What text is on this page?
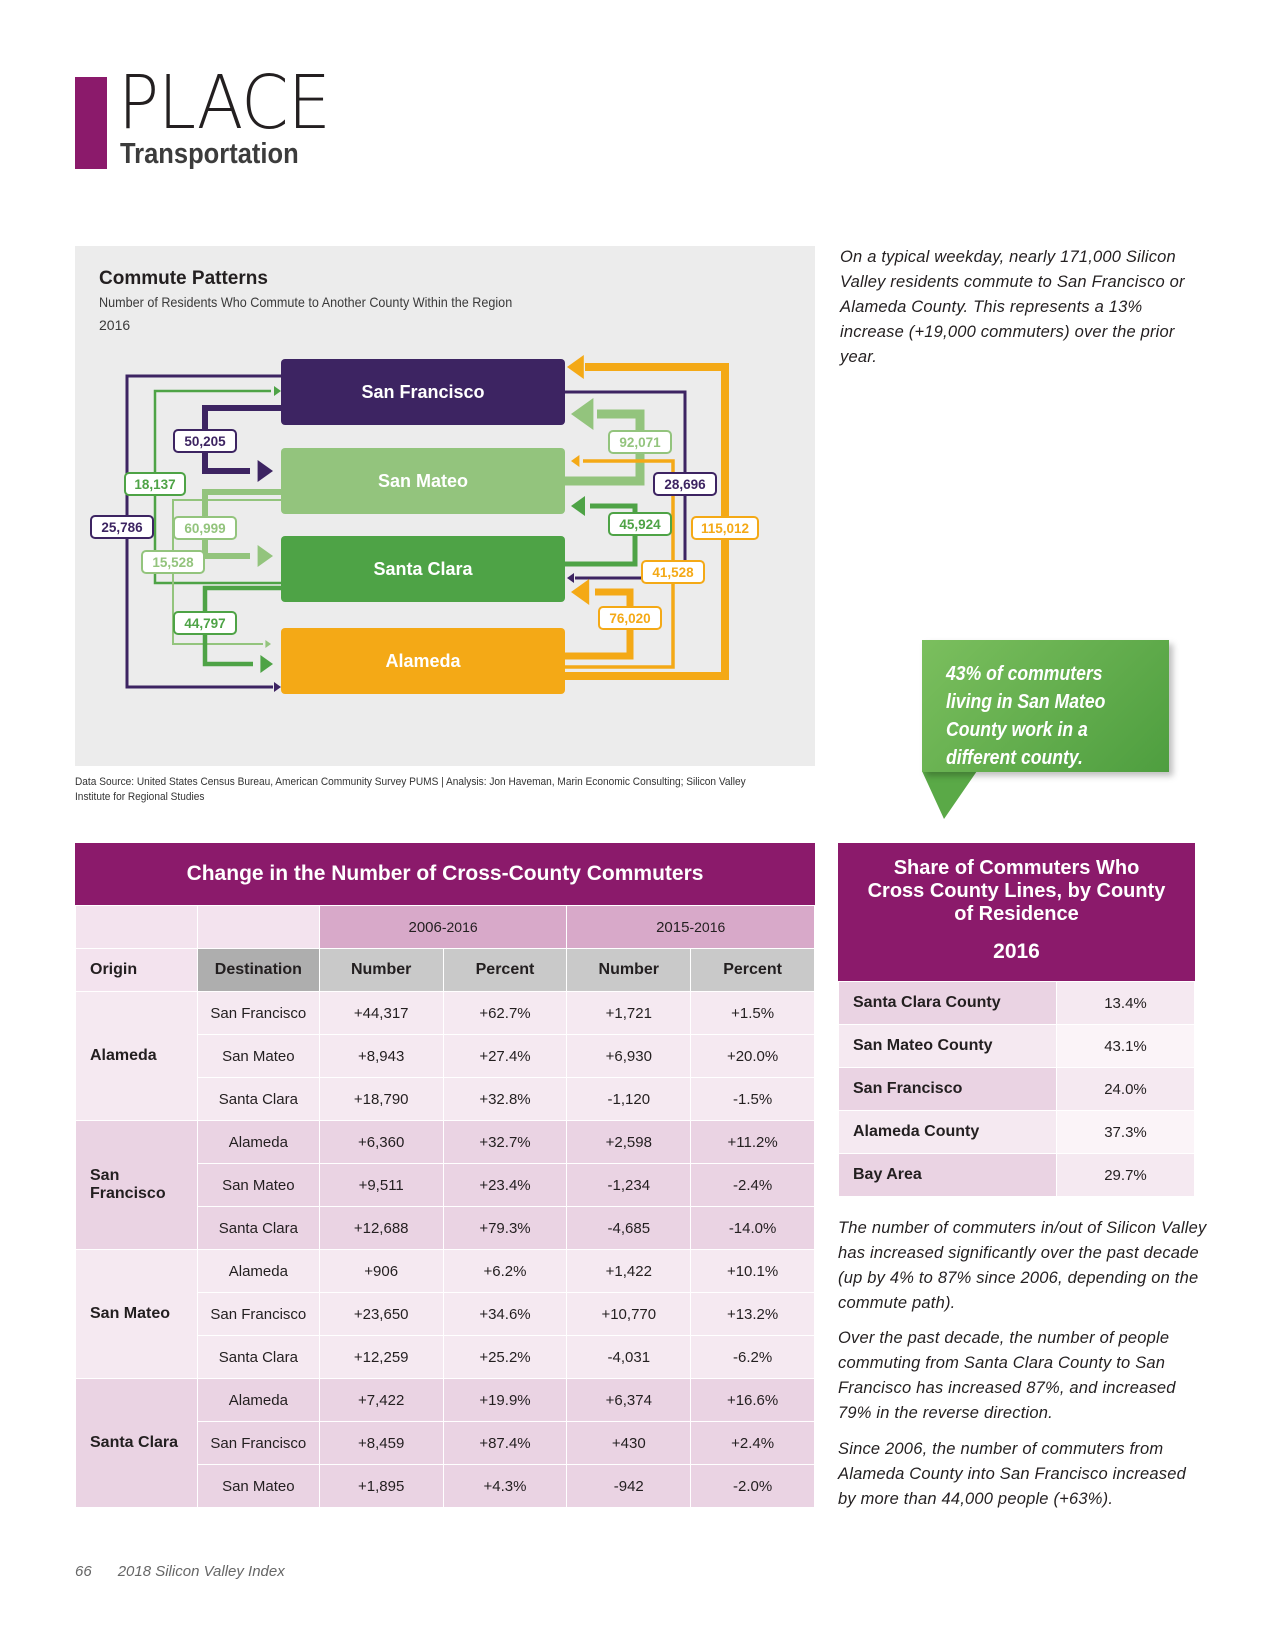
PLACE
Transportation
San Francisco
San Mateo
Santa Clara
Alameda
50,205
18,137
25,786	60,999
15,528
44,797
92,071
28,696
45,924	115,012
41,528
76,020
Commute Patterns
Number of Residents Who Commute to Another County Within the Region
2016
Data Source: United States Census Bureau, American Community Survey PUMS | Analysis: Jon Haveman, Marin Economic Consulting; Silicon Valley Institute for Regional Studies
On a typical weekday, nearly 171,000 Silicon Valley residents commute to San Francisco or Alameda County. This represents a 13% increase (+19,000 commuters) over the prior year.
43% of commuters living in San Mateo County work in a different county.
Change in the Number of Cross-County Commuters
		2006-2016		2015-2016	
Origin	Destination	Number	Percent	Number	Percent
Alameda	San Francisco	+44,317	+62.7%	+1,721	+1.5%
	San Mateo	+8,943	+27.4%	+6,930	+20.0%
	Santa Clara	+18,790	+32.8%	-1,120	-1.5%
San Francisco	Alameda	+6,360	+32.7%	+2,598	+11.2%
	San Mateo	+9,511	+23.4%	-1,234	-2.4%
	Santa Clara	+12,688	+79.3%	-4,685	-14.0%
San Mateo	Alameda	+906	+6.2%	+1,422	+10.1%
	San Francisco	+23,650	+34.6%	+10,770	+13.2%
	Santa Clara	+12,259	+25.2%	-4,031	-6.2%
Santa Clara	Alameda	+7,422	+19.9%	+6,374	+16.6%
	San Francisco	+8,459	+87.4%	+430	+2.4%
	San Mateo	+1,895	+4.3%	-942	-2.0%
Share of Commuters Who Cross County Lines, by County of Residence
2016
Santa Clara County	13.4%
San Mateo County	43.1%
San Francisco	24.0%
Alameda County	37.3%
Bay Area	29.7%
The number of commuters in/out of Silicon Valley has increased significantly over the past decade (up by 4% to 87% since 2006, depending on the commute path).
Over the past decade, the number of people commuting from Santa Clara County to San Francisco has increased 87%, and increased 79% in the reverse direction.
Since 2006, the number of commuters from Alameda County into San Francisco increased by more than 44,000 people (+63%).
66 2018 Silicon Valley Index
